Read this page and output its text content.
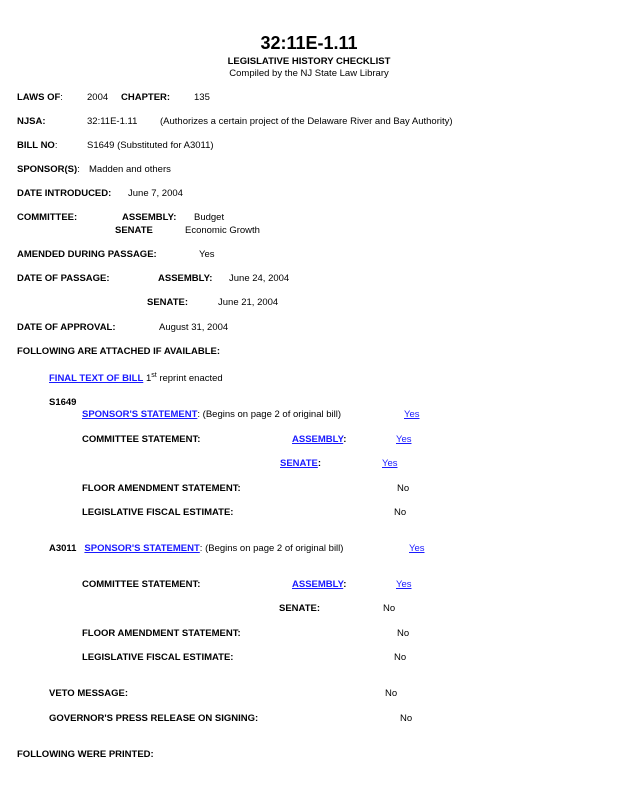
32:11E-1.11
LEGISLATIVE HISTORY CHECKLIST
Compiled by the NJ State Law Library
LAWS OF:	2004 CHAPTER:	135
NJSA:	32:11E-1.11 (Authorizes a certain project of the Delaware River and Bay Authority)
BILL NO:	S1649 (Substituted for A3011)
SPONSOR(S): Madden and others
DATE INTRODUCED: June 7, 2004
COMMITTEE:	ASSEMBLY: Budget
SENATE	Economic Growth
AMENDED DURING PASSAGE:	Yes
DATE OF PASSAGE:	ASSEMBLY: June 24, 2004
SENATE:	June 21, 2004
DATE OF APPROVAL:	August 31, 2004
FOLLOWING ARE ATTACHED IF AVAILABLE:
FINAL TEXT OF BILL 1st reprint enacted
S1649
SPONSOR'S STATEMENT: (Begins on page 2 of original bill)	Yes
COMMITTEE STATEMENT:	ASSEMBLY:	Yes
SENATE:	Yes
FLOOR AMENDMENT STATEMENT:	No
LEGISLATIVE FISCAL ESTIMATE:	No
A3011 SPONSOR'S STATEMENT: (Begins on page 2 of original bill)	Yes
COMMITTEE STATEMENT:	ASSEMBLY:	Yes
SENATE:	No
FLOOR AMENDMENT STATEMENT:	No
LEGISLATIVE FISCAL ESTIMATE:	No
VETO MESSAGE:	No
GOVERNOR'S PRESS RELEASE ON SIGNING:	No
FOLLOWING WERE PRINTED:
